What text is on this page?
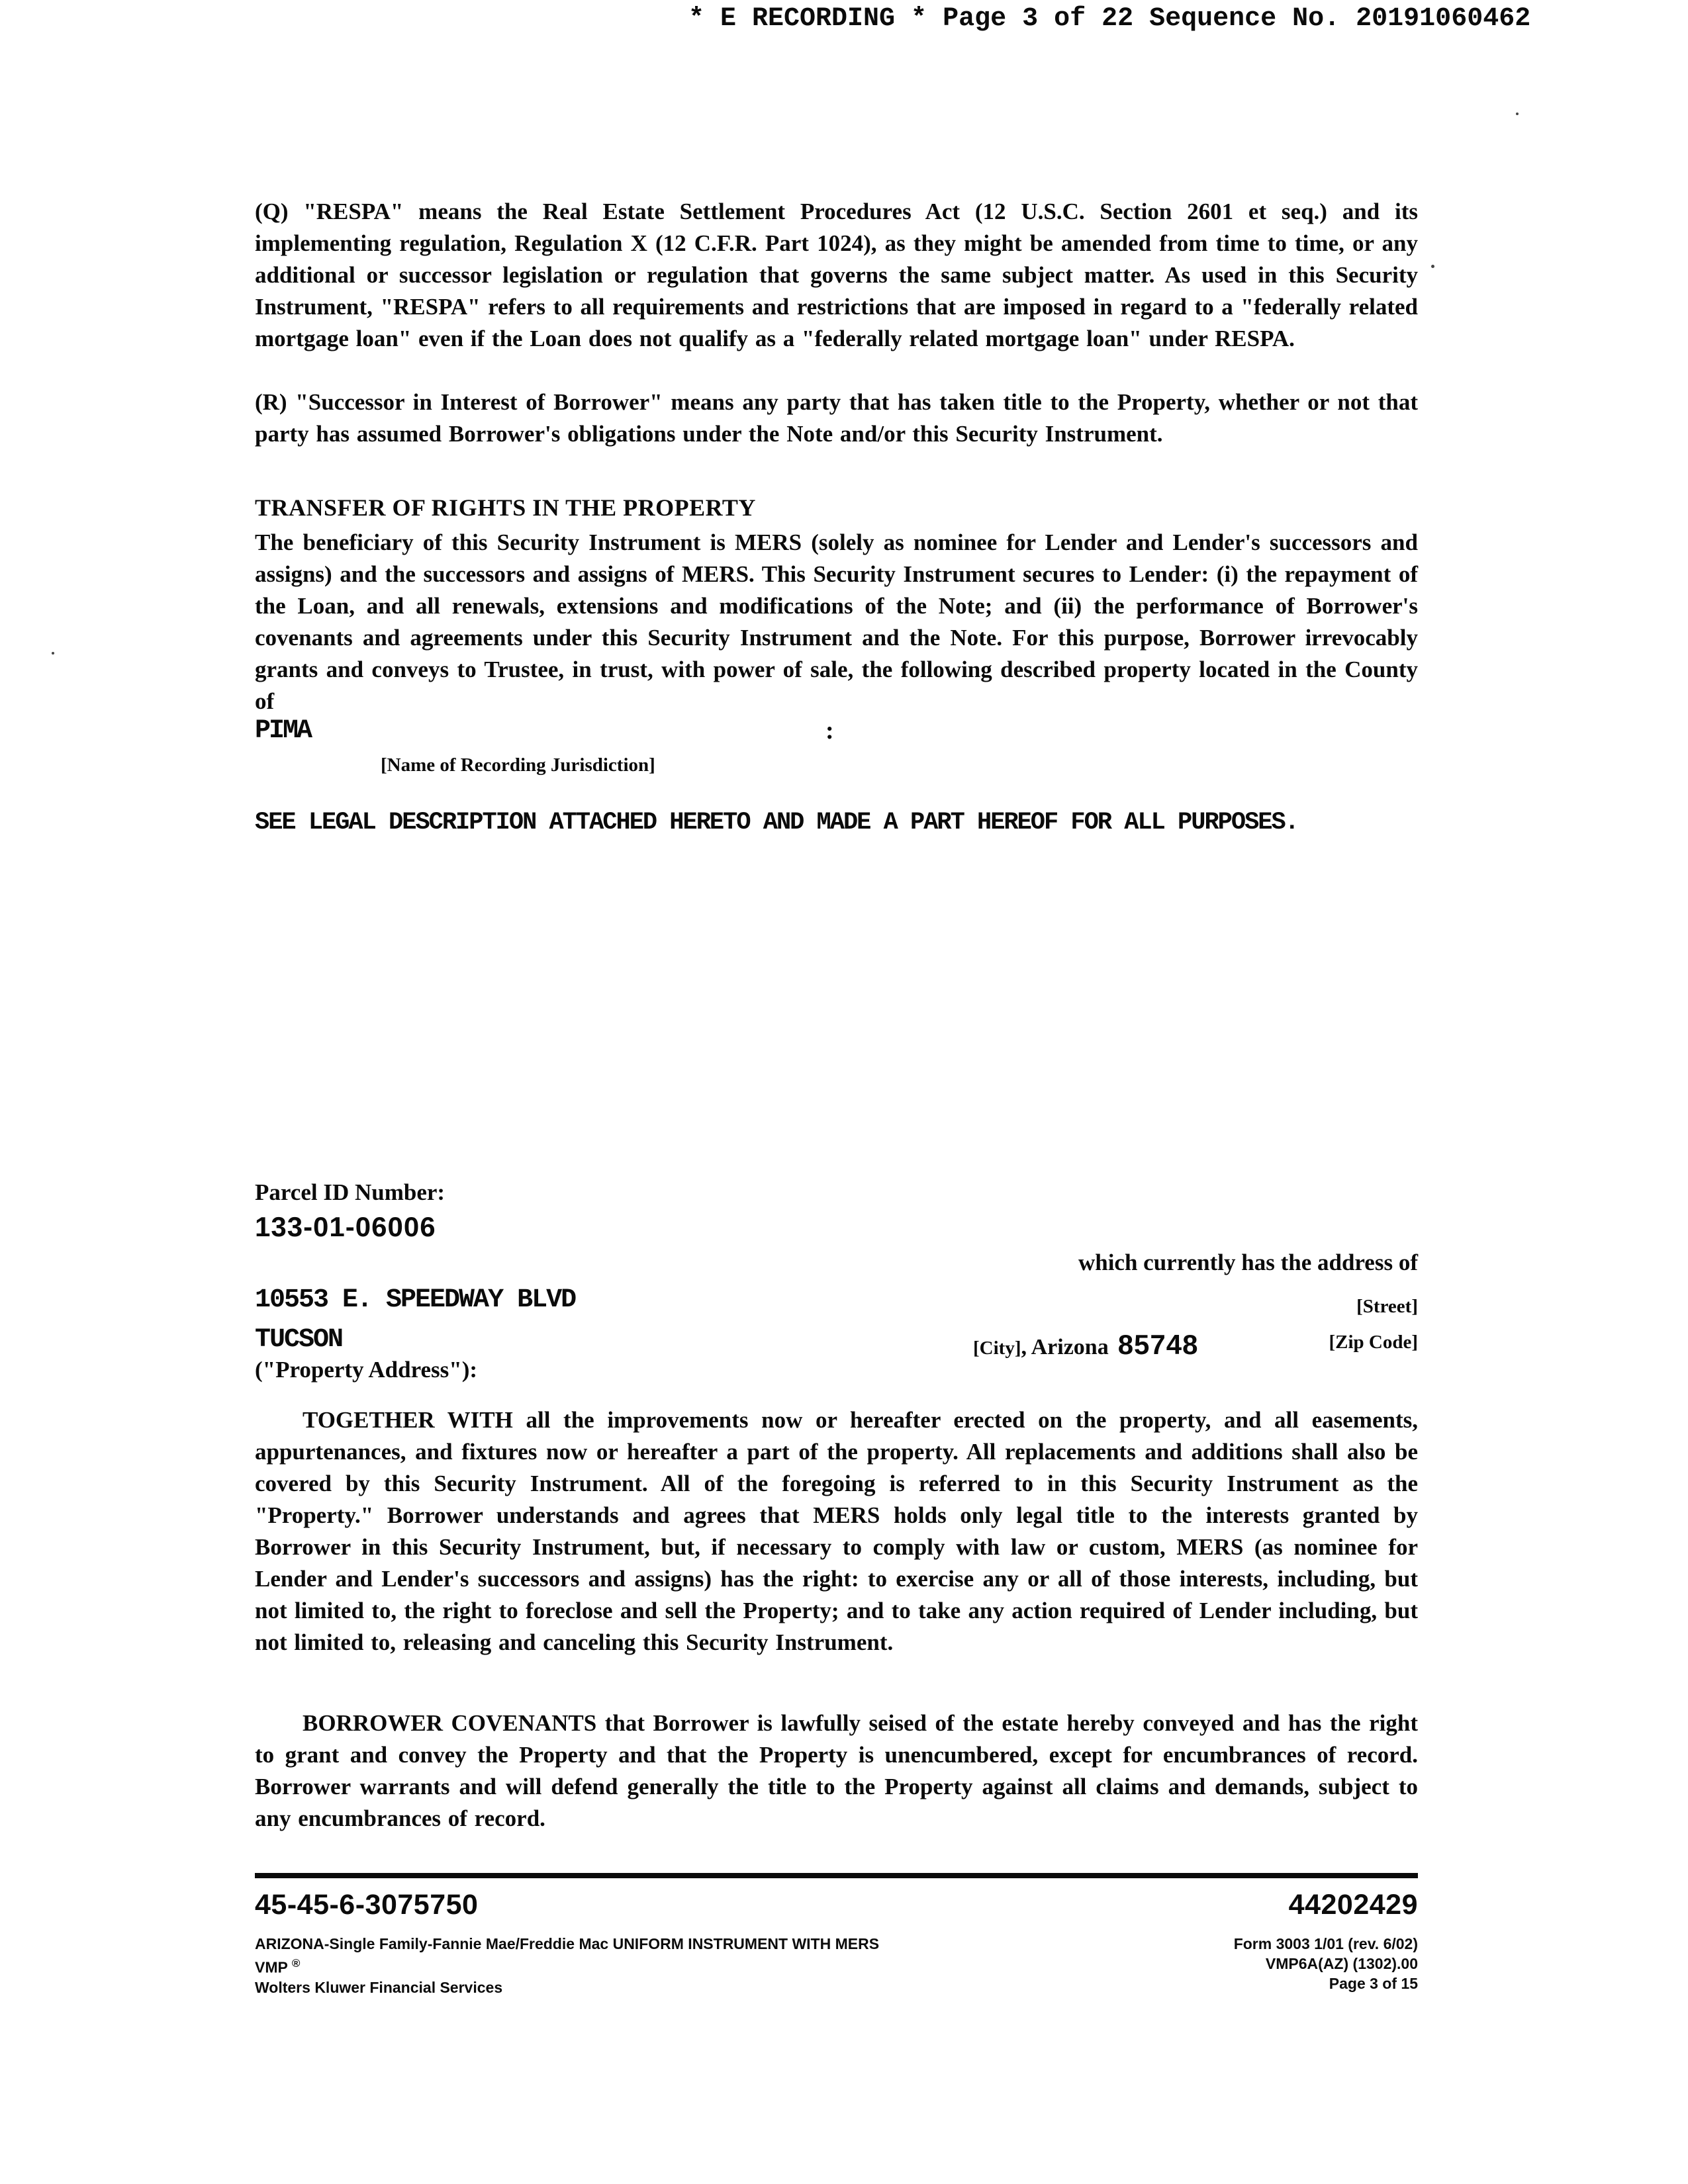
* E RECORDING * Page 3 of 22 Sequence No. 20191060462
(Q) "RESPA" means the Real Estate Settlement Procedures Act (12 U.S.C. Section 2601 et seq.) and its implementing regulation, Regulation X (12 C.F.R. Part 1024), as they might be amended from time to time, or any additional or successor legislation or regulation that governs the same subject matter. As used in this Security Instrument, "RESPA" refers to all requirements and restrictions that are imposed in regard to a "federally related mortgage loan" even if the Loan does not qualify as a "federally related mortgage loan" under RESPA.
(R) "Successor in Interest of Borrower" means any party that has taken title to the Property, whether or not that party has assumed Borrower's obligations under the Note and/or this Security Instrument.
TRANSFER OF RIGHTS IN THE PROPERTY
The beneficiary of this Security Instrument is MERS (solely as nominee for Lender and Lender's successors and assigns) and the successors and assigns of MERS. This Security Instrument secures to Lender: (i) the repayment of the Loan, and all renewals, extensions and modifications of the Note; and (ii) the performance of Borrower's covenants and agreements under this Security Instrument and the Note. For this purpose, Borrower irrevocably grants and conveys to Trustee, in trust, with power of sale, the following described property located in the County of
PIMA	:
[Name of Recording Jurisdiction]
SEE LEGAL DESCRIPTION ATTACHED HERETO AND MADE A PART HEREOF FOR ALL PURPOSES.
Parcel ID Number:
133-01-06006
which currently has the address of
10553 E. SPEEDWAY BLVD	[Street]
TUCSON	[City], Arizona 85748	[Zip Code]
("Property Address"):
TOGETHER WITH all the improvements now or hereafter erected on the property, and all easements, appurtenances, and fixtures now or hereafter a part of the property. All replacements and additions shall also be covered by this Security Instrument. All of the foregoing is referred to in this Security Instrument as the "Property." Borrower understands and agrees that MERS holds only legal title to the interests granted by Borrower in this Security Instrument, but, if necessary to comply with law or custom, MERS (as nominee for Lender and Lender's successors and assigns) has the right: to exercise any or all of those interests, including, but not limited to, the right to foreclose and sell the Property; and to take any action required of Lender including, but not limited to, releasing and canceling this Security Instrument.
BORROWER COVENANTS that Borrower is lawfully seised of the estate hereby conveyed and has the right to grant and convey the Property and that the Property is unencumbered, except for encumbrances of record. Borrower warrants and will defend generally the title to the Property against all claims and demands, subject to any encumbrances of record.
45-45-6-3075750	44202429
ARIZONA-Single Family-Fannie Mae/Freddie Mac UNIFORM INSTRUMENT WITH MERS
VMP ®
Wolters Kluwer Financial Services
Form 3003 1/01 (rev. 6/02)
VMP6A(AZ) (1302).00
Page 3 of 15
